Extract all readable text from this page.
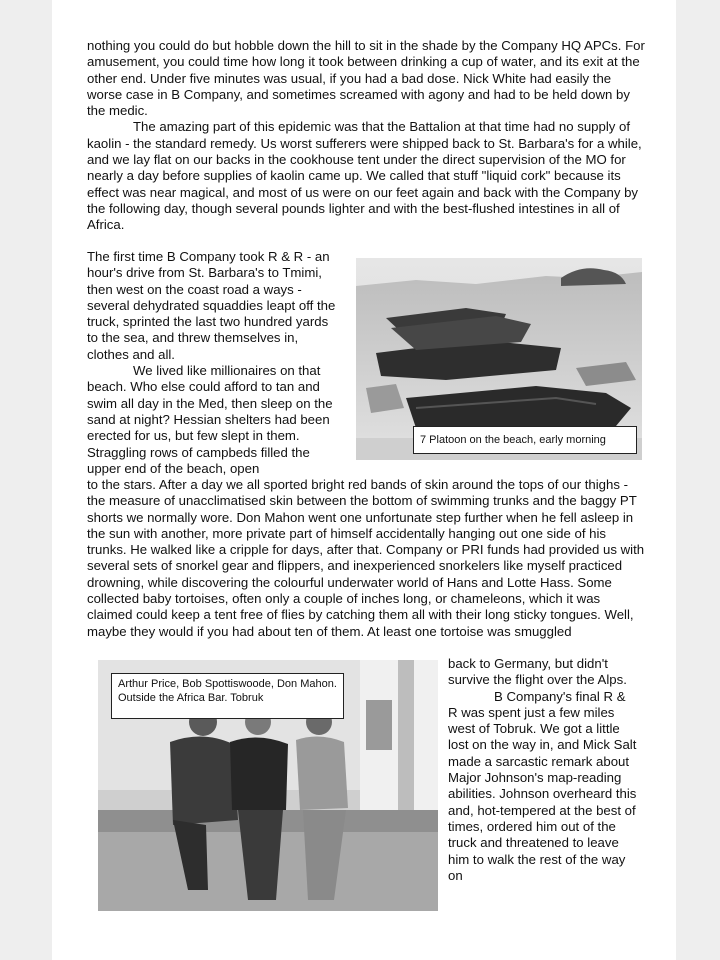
nothing you could do but hobble down the hill to sit in the shade by the Company HQ APCs. For amusement, you could time how long it took between drinking a cup of water, and its exit at the other end. Under five minutes was usual, if you had a bad dose. Nick White had easily the worse case in B Company, and sometimes screamed with agony and had to be held down by the medic.

The amazing part of this epidemic was that the Battalion at that time had no supply of kaolin - the standard remedy. Us worst sufferers were shipped back to St. Barbara's for a while, and we lay flat on our backs in the cookhouse tent under the direct supervision of the MO for nearly a day before supplies of kaolin came up. We called that stuff "liquid cork" because its effect was near magical, and most of us were on our feet again and back with the Company by the following day, though several pounds lighter and with the best-flushed intestines in all of Africa.

The first time B Company took R & R - an hour's drive from St. Barbara's to Tmimi, then west on the coast road a ways - several dehydrated squaddies leapt off the truck, sprinted the last two hundred yards to the sea, and threw themselves in, clothes and all.

We lived like millionaires on that beach. Who else could afford to tan and swim all day in the Med, then sleep on the sand at night? Hessian shelters had been erected for us, but few slept in them. Straggling rows of campbeds filled the upper end of the beach, open

7 Platoon on the beach, early morning

to the stars. After a day we all sported bright red bands of skin around the tops of our thighs - the measure of unacclimatised skin between the bottom of swimming trunks and the baggy PT shorts we normally wore. Don Mahon went one unfortunate step further when he fell asleep in the sun with another, more private part of himself accidentally hanging out one side of his trunks. He walked like a cripple for days, after that. Company or PRI funds had provided us with several sets of snorkel gear and flippers, and inexperienced snorkelers like myself practiced drowning, while discovering the colourful underwater world of Hans and Lotte Hass. Some collected baby tortoises, often only a couple of inches long, or chameleons, which it was claimed could keep a tent free of flies by catching them all with their long sticky tongues. Well, maybe they would if you had about ten of them. At least one tortoise was smuggled

Arthur Price, Bob Spottiswoode, Don Mahon. Outside the Africa Bar. Tobruk

back to Germany, but didn't survive the flight over the Alps.

B Company's final R & R was spent just a few miles west of Tobruk. We got a little lost on the way in, and Mick Salt made a sarcastic remark about Major Johnson's map-reading abilities. Johnson overheard this and, hot-tempered at the best of times, ordered him out of the truck and threatened to leave him to walk the rest of the way on
